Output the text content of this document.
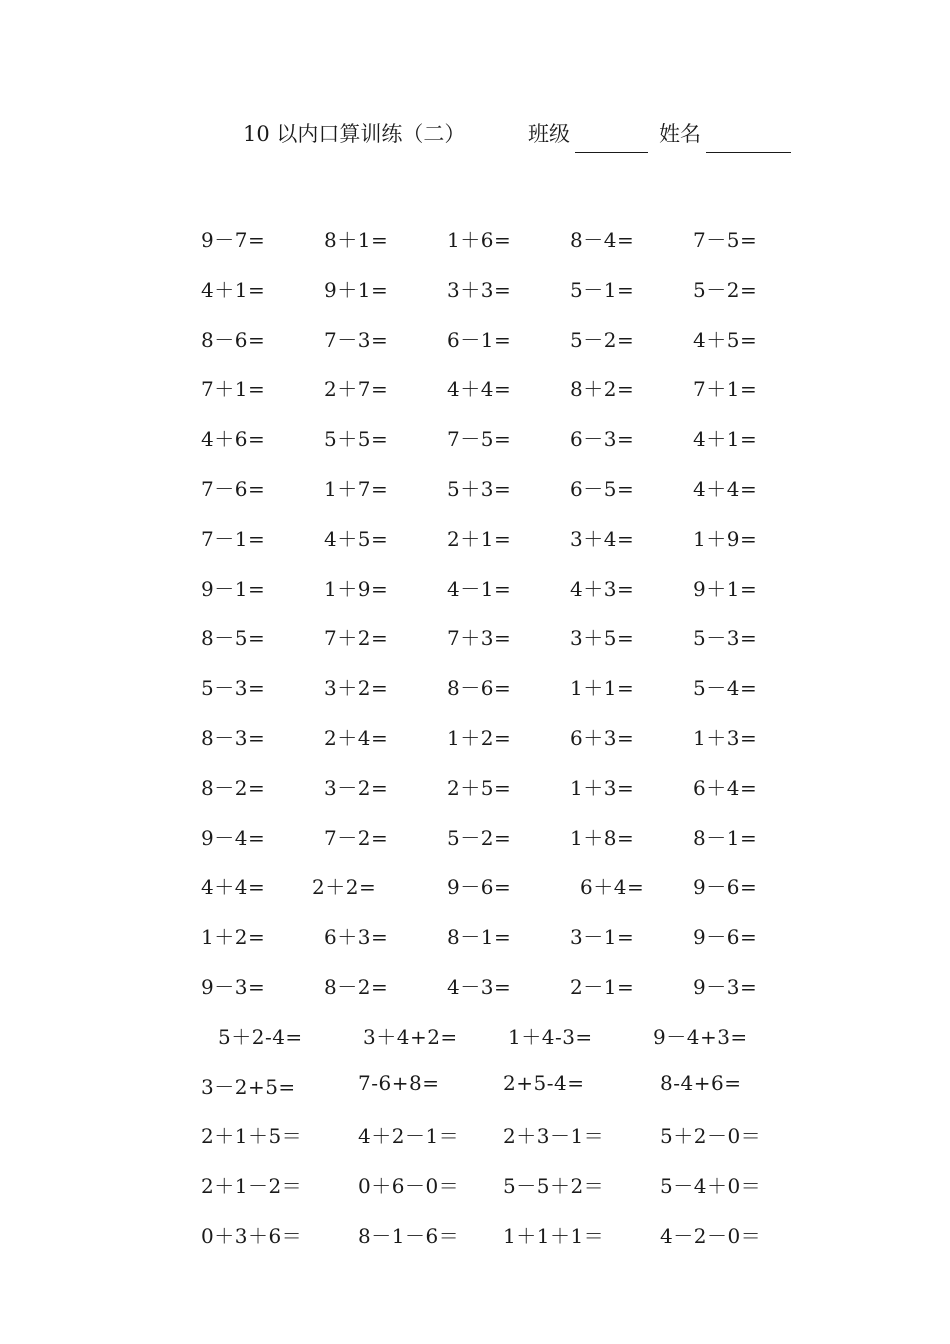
10 以内口算训练（二）	班级	姓名
9－7=	8＋1=	1＋6=	8－4=	7－5=
4＋1=	9＋1=	3＋3=	5－1=	5－2=
8－6=	7－3=	6－1=	5－2=	4＋5=
7＋1=	2＋7=	4＋4=	8＋2=	7＋1=
4＋6=	5＋5=	7－5=	6－3=	4＋1=
7－6=	1＋7=	5＋3=	6－5=	4＋4=
7－1=	4＋5=	2＋1=	3＋4=	1＋9=
9－1=	1＋9=	4－1=	4＋3=	9＋1=
8－5=	7＋2=	7＋3=	3＋5=	5－3=
5－3=	3＋2=	8－6=	1＋1=	5－4=
8－3=	2＋4=	1＋2=	6＋3=	1＋3=
8－2=	3－2=	2＋5=	1＋3=	6＋4=
9－4=	7－2=	5－2=	1＋8=	8－1=
4＋4= 2＋2=	9－6=	6＋4= 9－6=
1＋2=	6＋3=	8－1=	3－1=	9－6=
9－3=	8－2=	4－3=	2－1=	9－3=
5＋2-4=	3＋4+2=	1＋4-3=	9－4+3=
3－2+5=	7-6+8=	2+5-4=	8-4+6=
2＋1＋5＝	4＋2－1＝ 2＋3－1＝	5＋2－0＝
2＋1－2＝	0＋6－0＝ 5－5＋2＝	5－4＋0＝
0＋3＋6＝	8－1－6＝ 1＋1＋1＝	4－2－0＝
